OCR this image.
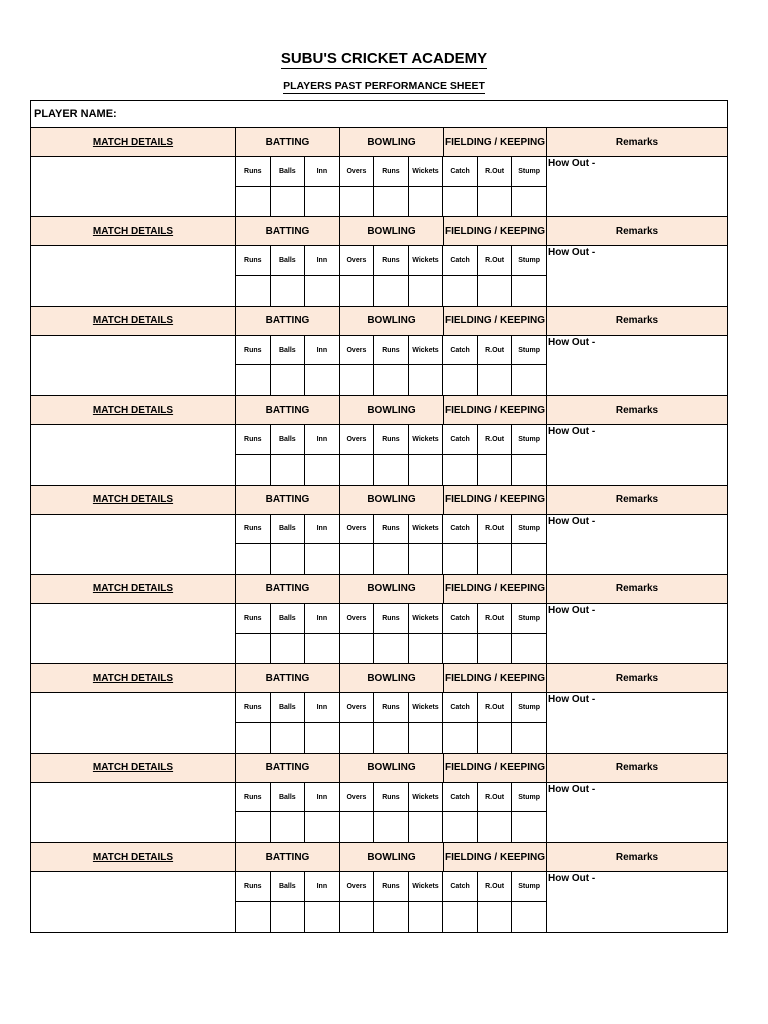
SUBU'S CRICKET ACADEMY
PLAYERS PAST PERFORMANCE SHEET
PLAYER NAME:
MATCH DETAILS	BATTING	BOWLING	FIELDING / KEEPING	Remarks
Runs	Balls	Inn	Overs	Runs	Wickets	Catch	R.Out	Stump
How Out -
MATCH DETAILS	BATTING	BOWLING	FIELDING / KEEPING	Remarks
Runs	Balls	Inn	Overs	Runs	Wickets	Catch	R.Out	Stump
How Out -
MATCH DETAILS	BATTING	BOWLING	FIELDING / KEEPING	Remarks
Runs	Balls	Inn	Overs	Runs	Wickets	Catch	R.Out	Stump
How Out -
MATCH DETAILS	BATTING	BOWLING	FIELDING / KEEPING	Remarks
Runs	Balls	Inn	Overs	Runs	Wickets	Catch	R.Out	Stump
How Out -
MATCH DETAILS	BATTING	BOWLING	FIELDING / KEEPING	Remarks
Runs	Balls	Inn	Overs	Runs	Wickets	Catch	R.Out	Stump
How Out -
MATCH DETAILS	BATTING	BOWLING	FIELDING / KEEPING	Remarks
Runs	Balls	Inn	Overs	Runs	Wickets	Catch	R.Out	Stump
How Out -
MATCH DETAILS	BATTING	BOWLING	FIELDING / KEEPING	Remarks
Runs	Balls	Inn	Overs	Runs	Wickets	Catch	R.Out	Stump
How Out -
MATCH DETAILS	BATTING	BOWLING	FIELDING / KEEPING	Remarks
Runs	Balls	Inn	Overs	Runs	Wickets	Catch	R.Out	Stump
How Out -
MATCH DETAILS	BATTING	BOWLING	FIELDING / KEEPING	Remarks
Runs	Balls	Inn	Overs	Runs	Wickets	Catch	R.Out	Stump
How Out -
